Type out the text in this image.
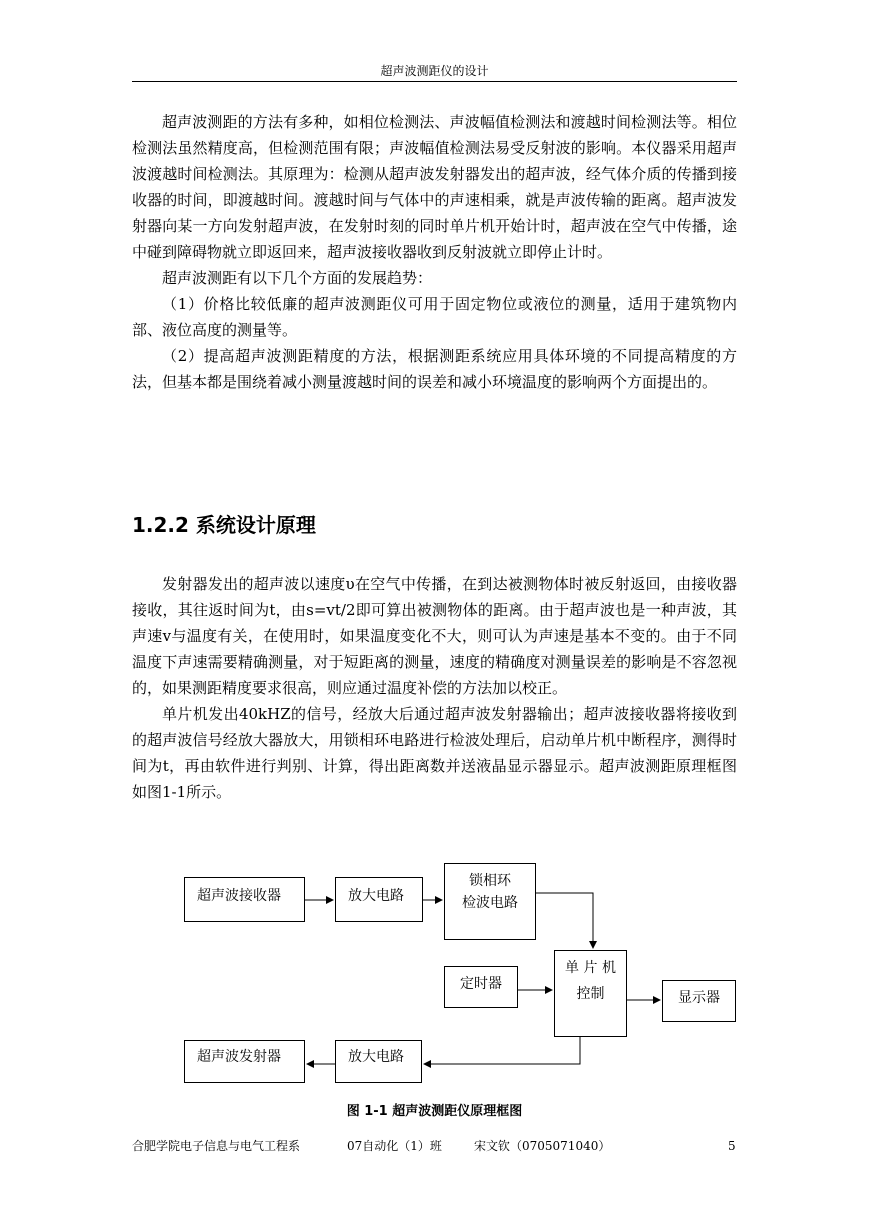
超声波测距仪的设计

超声波测距的方法有多种，如相位检测法、声波幅值检测法和渡越时间检测法等。相位检测法虽然精度高，但检测范围有限；声波幅值检测法易受反射波的影响。本仪器采用超声波渡越时间检测法。其原理为：检测从超声波发射器发出的超声波，经气体介质的传播到接收器的时间，即渡越时间。渡越时间与气体中的声速相乘，就是声波传输的距离。超声波发射器向某一方向发射超声波，在发射时刻的同时单片机开始计时，超声波在空气中传播，途中碰到障碍物就立即返回来，超声波接收器收到反射波就立即停止计时。

超声波测距有以下几个方面的发展趋势：

（1）价格比较低廉的超声波测距仪可用于固定物位或液位的测量，适用于建筑物内部、液位高度的测量等。

（2）提高超声波测距精度的方法，根据测距系统应用具体环境的不同提高精度的方法，但基本都是围绕着减小测量渡越时间的误差和减小环境温度的影响两个方面提出的。

1.2.2 系统设计原理

发射器发出的超声波以速度υ在空气中传播，在到达被测物体时被反射返回，由接收器接收，其往返时间为t，由s=vt/2即可算出被测物体的距离。由于超声波也是一种声波，其声速v与温度有关，在使用时，如果温度变化不大，则可认为声速是基本不变的。由于不同温度下声速需要精确测量，对于短距离的测量，速度的精确度对测量误差的影响是不容忽视的，如果测距精度要求很高，则应通过温度补偿的方法加以校正。

单片机发出40kHZ的信号，经放大后通过超声波发射器输出；超声波接收器将接收到的超声波信号经放大器放大，用锁相环电路进行检波处理后，启动单片机中断程序，测得时间为t，再由软件进行判别、计算，得出距离数并送液晶显示器显示。超声波测距原理框图如图1-1所示。

超声波接收器	放大电路
锁相环
检波电路
定时器
单 片 机
控制	显示器
超声波发射器	放大电路
图 1-1 超声波测距仪原理框图
合肥学院电子信息与电气工程系	07自动化（1）班	宋文钦（0705071040）	5
